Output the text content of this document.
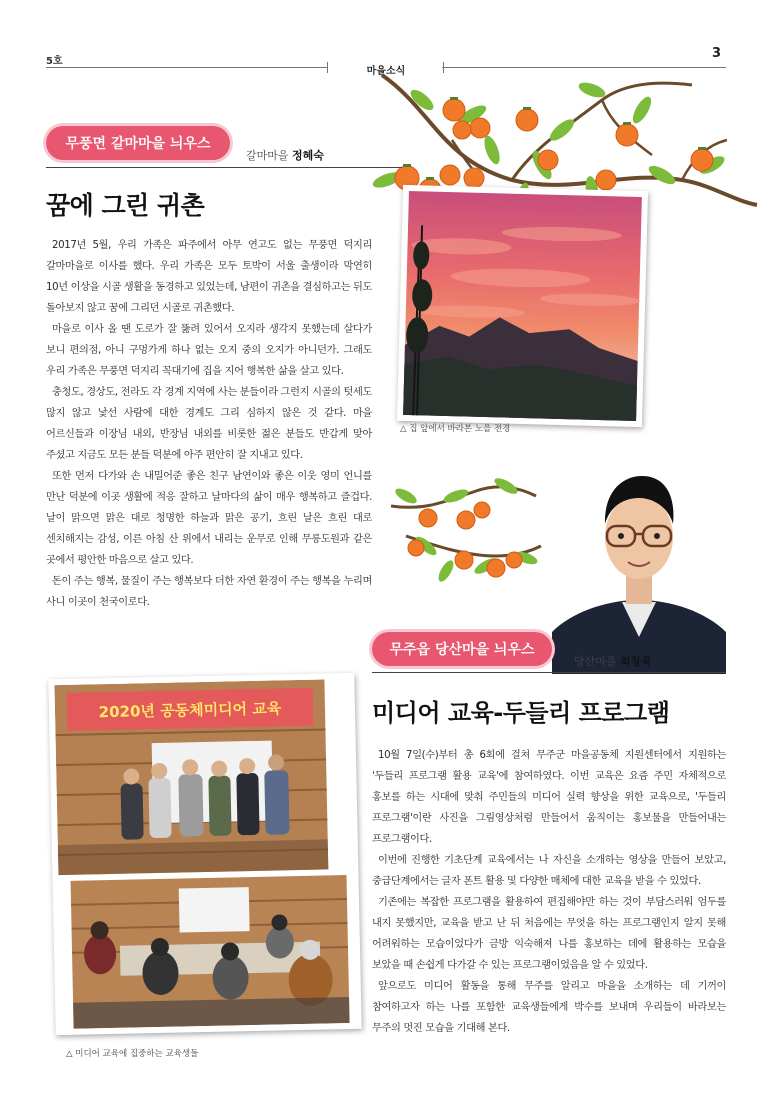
5호
마을소식
3
무풍면 갈마마을 늬우스
갈마마을 정혜숙
꿈에 그린 귀촌

2017년 5월, 우리 가족은 파주에서 아무 연고도 없는 무풍면 덕지리 갈마마을로 이사를 했다. 우리 가족은 모두 토박이 서울 출생이라 막연히 10년 이상을 시골 생활을 동경하고 있었는데, 남편이 귀촌을 결심하고는 뒤도 돌아보지 않고 꿈에 그리던 시골로 귀촌했다.

마을로 이사 올 땐 도로가 잘 뚫려 있어서 오지라 생각지 못했는데 살다가 보니 편의점, 아니 구멍가게 하나 없는 오지 중의 오지가 아니던가. 그래도 우리 가족은 무풍면 덕지리 꼭대기에 집을 지어 행복한 삶을 살고 있다.

충청도, 경상도, 전라도 각 경계 지역에 사는 분들이라 그런지 시골의 텃세도 많지 않고 낯선 사람에 대한 경계도 그리 심하지 않은 것 같다. 마을 어르신들과 이장님 내외, 반장님 내외를 비롯한 젊은 분들도 반갑게 맞아 주셨고 지금도 모든 분들 덕분에 아주 편안히 잘 지내고 있다.

또한 먼저 다가와 손 내밀어준 좋은 친구 남연이와 좋은 이웃 영미 언니를 만난 덕분에 이곳 생활에 적응 잘하고 날마다의 삶이 매우 행복하고 즐겁다. 날이 맑으면 맑은 대로 청명한 하늘과 맑은 공기, 흐린 날은 흐린 대로 센치해지는 감성, 이른 아침 산 위에서 내리는 운무로 인해 무릉도원과 같은 곳에서 평안한 마음으로 살고 있다.

돈이 주는 행복, 물질이 주는 행복보다 더한 자연 환경이 주는 행복을 누리며 사니 이곳이 천국이로다.

△ 집 앞에서 바라본 노을 전경
무주읍 당산마을 늬우스
당산마을 최창욱
미디어 교육-두들리 프로그램

10월 7일(수)부터 총 6회에 걸쳐 무주군 마을공동체 지원센터에서 지원하는 '두들리 프로그램 활용 교육'에 참여하였다. 이번 교육은 요즘 주민 자체적으로 홍보를 하는 시대에 맞춰 주민들의 미디어 실력 향상을 위한 교육으로, '두들리 프로그램'이란 사진을 그림영상처럼 만들어서 움직이는 홍보물을 만들어내는 프로그램이다.

이번에 진행한 기초단계 교육에서는 나 자신을 소개하는 영상을 만들어 보았고, 중급단계에서는 글자 폰트 활용 및 다양한 매체에 대한 교육을 받을 수 있었다.

기존에는 복잡한 프로그램을 활용하여 편집해야만 하는 것이 부담스러워 엄두를 내지 못했지만, 교육을 받고 난 뒤 처음에는 무엇을 하는 프로그램인지 알지 못해 어려워하는 모습이었다가 금방 익숙해져 나를 홍보하는 데에 활용하는 모습을 보았을 때 손쉽게 다가갈 수 있는 프로그램이었음을 알 수 있었다.

앞으로도 미디어 활동을 통해 무주를 알리고 마을을 소개하는 데 기꺼이 참여하고자 하는 나를 포함한 교육생들에게 박수를 보내며 우리들이 바라보는 무주의 멋진 모습을 기대해 본다.

2020년 공동체미디어 교육
△ 미디어 교육에 집중하는 교육생들
